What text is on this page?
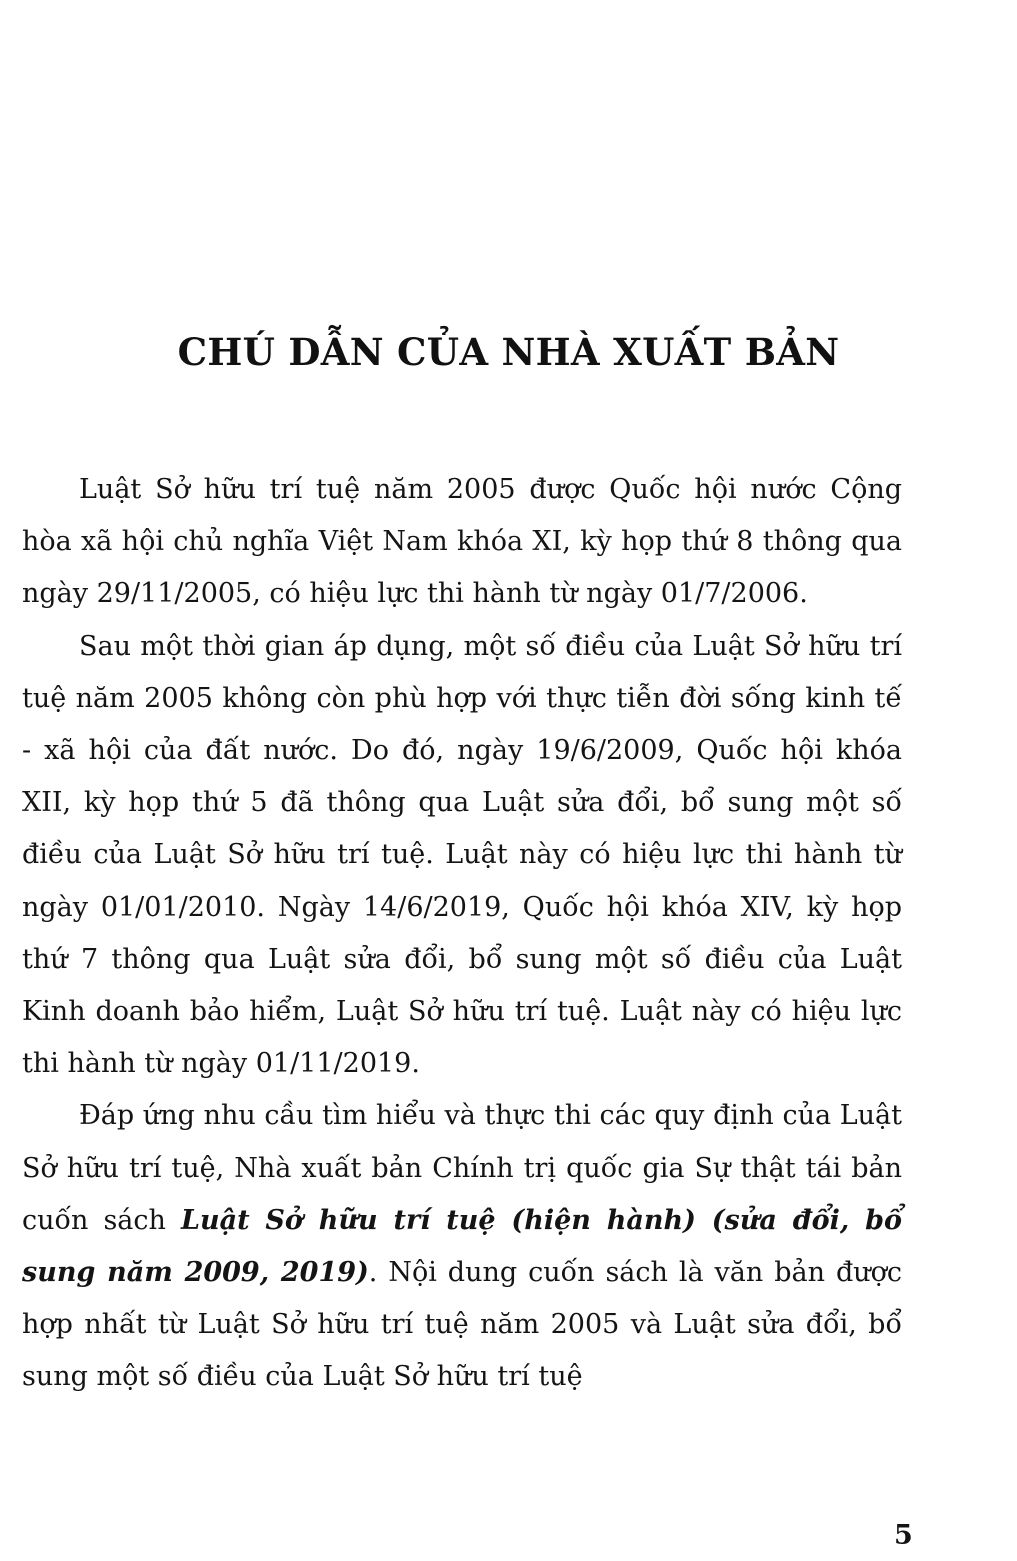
CHÚ DẪN CỦA NHÀ XUẤT BẢN

Luật Sở hữu trí tuệ năm 2005 được Quốc hội nước Cộng hòa xã hội chủ nghĩa Việt Nam khóa XI, kỳ họp thứ 8 thông qua ngày 29/11/2005, có hiệu lực thi hành từ ngày 01/7/2006.

Sau một thời gian áp dụng, một số điều của Luật Sở hữu trí tuệ năm 2005 không còn phù hợp với thực tiễn đời sống kinh tế - xã hội của đất nước. Do đó, ngày 19/6/2009, Quốc hội khóa XII, kỳ họp thứ 5 đã thông qua Luật sửa đổi, bổ sung một số điều của Luật Sở hữu trí tuệ. Luật này có hiệu lực thi hành từ ngày 01/01/2010. Ngày 14/6/2019, Quốc hội khóa XIV, kỳ họp thứ 7 thông qua Luật sửa đổi, bổ sung một số điều của Luật Kinh doanh bảo hiểm, Luật Sở hữu trí tuệ. Luật này có hiệu lực thi hành từ ngày 01/11/2019.

Đáp ứng nhu cầu tìm hiểu và thực thi các quy định của Luật Sở hữu trí tuệ, Nhà xuất bản Chính trị quốc gia Sự thật tái bản cuốn sách Luật Sở hữu trí tuệ (hiện hành) (sửa đổi, bổ sung năm 2009, 2019). Nội dung cuốn sách là văn bản được hợp nhất từ Luật Sở hữu trí tuệ năm 2005 và Luật sửa đổi, bổ sung một số điều của Luật Sở hữu trí tuệ

5
